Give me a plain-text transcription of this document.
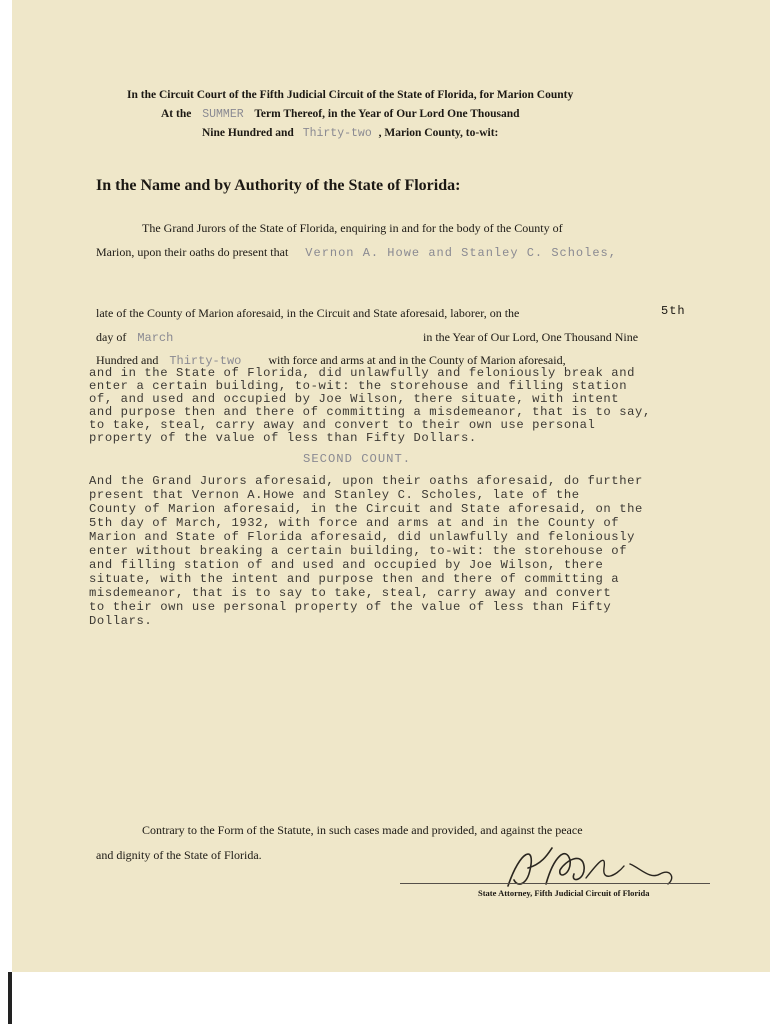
In the Circuit Court of the Fifth Judicial Circuit of the State of Florida, for Marion County
At the SUMMER Term Thereof, in the Year of Our Lord One Thousand
Nine Hundred and Thirty-two , Marion County, to-wit:
In the Name and by Authority of the State of Florida:
The Grand Jurors of the State of Florida, enquiring in and for the body of the County of
Marion, upon their oaths do present that Vernon A. Howe and Stanley C. Scholes,
late of the County of Marion aforesaid, in the Circuit and State aforesaid, laborer, on the	5th
day of March	in the Year of Our Lord, One Thousand Nine
Hundred and Thirty-two with force and arms at and in the County of Marion aforesaid,
and in the State of Florida, did unlawfully and feloniously break and
enter a certain building, to-wit: the storehouse and filling station
of, and used and occupied by Joe Wilson, there situate, with intent
and purpose then and there of committing a misdemeanor, that is to say,
to take, steal, carry away and convert to their own use personal
property of the value of less than Fifty Dollars.
SECOND COUNT.
And the Grand Jurors aforesaid, upon their oaths aforesaid, do further
present that Vernon A.Howe and Stanley C. Scholes, late of the
County of Marion aforesaid, in the Circuit and State aforesaid, on the
5th day of March, 1932, with force and arms at and in the County of
Marion and State of Florida aforesaid, did unlawfully and feloniously
enter without breaking a certain building, to-wit: the storehouse of
and filling station of and used and occupied by Joe Wilson, there
situate, with the intent and purpose then and there of committing a
misdemeanor, that is to say to take, steal, carry away and convert
to their own use personal property of the value of less than Fifty
Dollars.
Contrary to the Form of the Statute, in such cases made and provided, and against the peace
and dignity of the State of Florida.
State Attorney, Fifth Judicial Circuit of Florida
